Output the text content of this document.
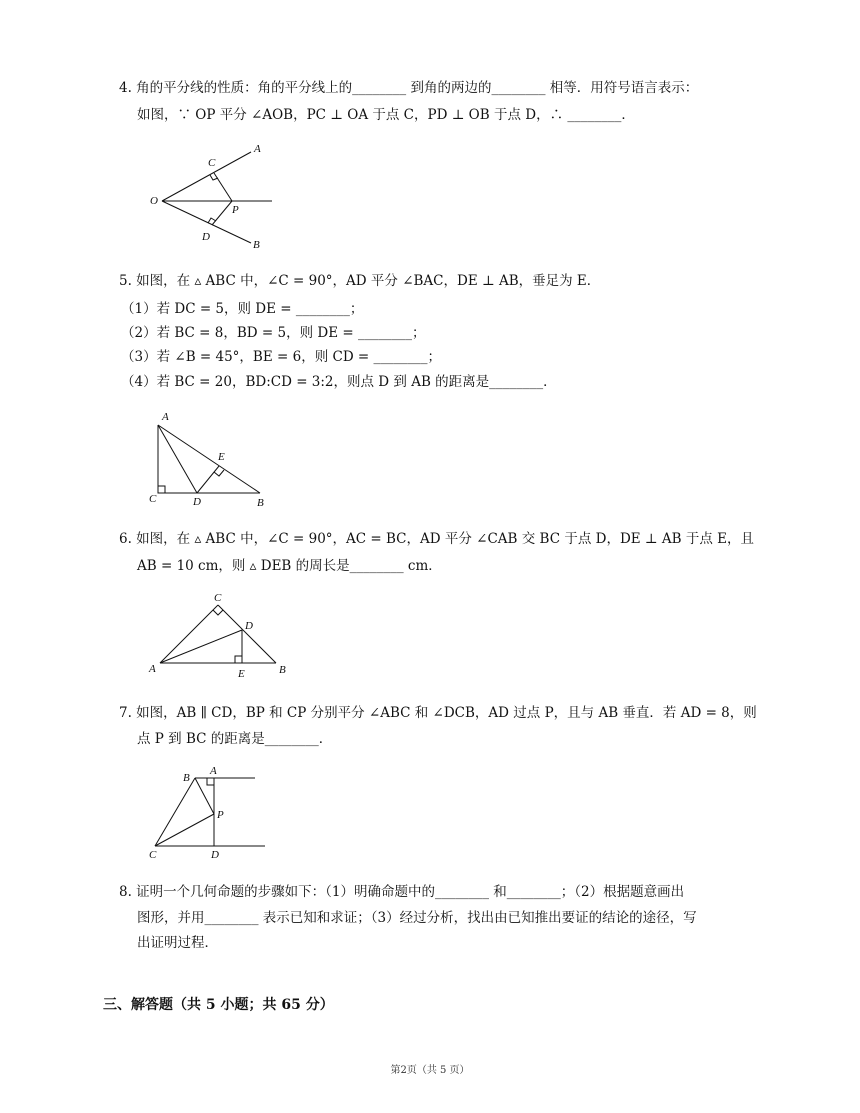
4. 角的平分线的性质：角的平分线上的________ 到角的两边的________ 相等．用符号语言表示：
如图，∵ OP 平分 ∠AOB，PC ⊥ OA 于点 C，PD ⊥ OB 于点 D，∴ ________．
O
A
B
C
D
P
5. 如图，在 ▵ ABC 中，∠C = 90°，AD 平分 ∠BAC，DE ⊥ AB，垂足为 E．
（1）若 DC = 5，则 DE = ________；
（2）若 BC = 8，BD = 5，则 DE = ________；
（3）若 ∠B = 45°，BE = 6，则 CD = ________；
（4）若 BC = 20，BD:CD = 3:2，则点 D 到 AB 的距离是________．
A
B
C	D
E
6. 如图，在 ▵ ABC 中，∠C = 90°，AC = BC，AD 平分 ∠CAB 交 BC 于点 D，DE ⊥ AB 于点 E，且
AB = 10 cm，则 ▵ DEB 的周长是________ cm．
C
D
A	B
E
7. 如图，AB ∥ CD，BP 和 CP 分别平分 ∠ABC 和 ∠DCB，AD 过点 P，且与 AB 垂直．若 AD = 8，则
点 P 到 BC 的距离是________．
B
A
P
C	D
8. 证明一个几何命题的步骤如下：（1）明确命题中的________ 和________；（2）根据题意画出
图形，并用________ 表示已知和求证；（3）经过分析，找出由已知推出要证的结论的途径，写
出证明过程．
三、解答题（共 5 小题；共 65 分）
第2页（共 5 页）
